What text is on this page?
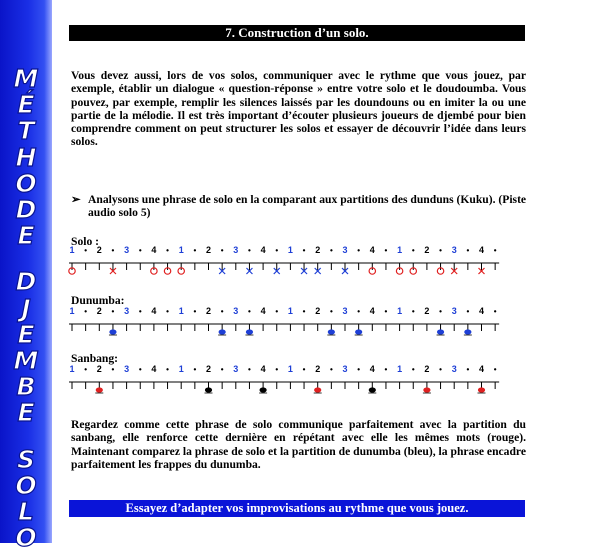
M
É
T
H
O
D
E
D
J
E
M
B
E
S
O
L
O
7. Construction d’un solo.

Vous devez aussi, lors de vos solos, communiquer avec le rythme que vous jouez, par exemple, établir un dialogue « question-réponse » entre votre solo et le doudoumba. Vous pouvez, par exemple, remplir les silences laissés par les doundouns ou en imiter la ou une partie de la mélodie. Il est très important d’écouter plusieurs joueurs de djembé pour bien comprendre comment on peut structurer les solos et essayer de découvrir l’idée dans leurs solos.

➢ Analysons une phrase de solo en la comparant aux partitions des dunduns (Kuku). (Piste audio solo 5)
Solo :
Dunumba:
Sanbang:
1 • 2 • 3 • 4 • 1 • 2 • 3 • 4 • 1 • 2 • 3 • 4 • 1 • 2 • 3 • 4 •
1 • 2 • 3 • 4 • 1 • 2 • 3 • 4 • 1 • 2 • 3 • 4 • 1 • 2 • 3 • 4 •
1 • 2 • 3 • 4 • 1 • 2 • 3 • 4 • 1 • 2 • 3 • 4 • 1 • 2 • 3 • 4 •

Regardez comme cette phrase de solo communique parfaitement avec la partition du sanbang, elle renforce cette dernière en répétant avec elle les mêmes mots (rouge). Maintenant comparez la phrase de solo et la partition de dunumba (bleu), la phrase encadre parfaitement les frappes du dunumba.

Essayez d’adapter vos improvisations au rythme que vous jouez.
